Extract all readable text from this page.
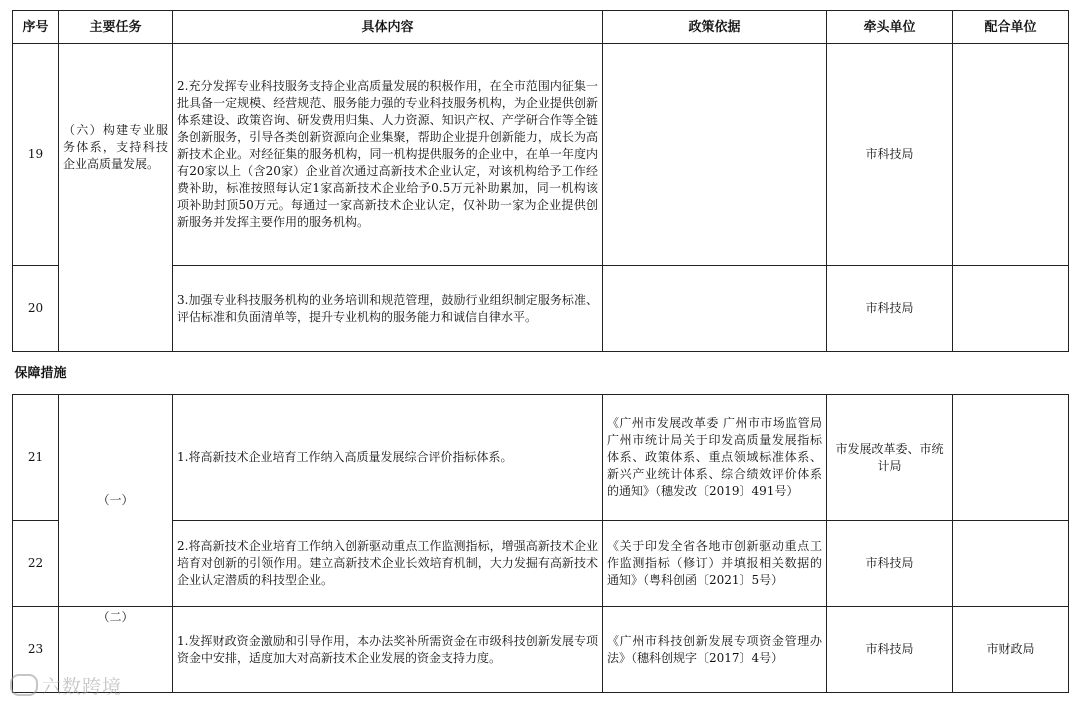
序号	主要任务	具体内容	政策依据	牵头单位	配合单位
19	（六）构建专业服务体系，支持科技企业高质量发展。	2.充分发挥专业科技服务支持企业高质量发展的积极作用，在全市范围内征集一批具备一定规模、经营规范、服务能力强的专业科技服务机构，为企业提供创新体系建设、政策咨询、研发费用归集、人力资源、知识产权、产学研合作等全链条创新服务，引导各类创新资源向企业集聚，帮助企业提升创新能力，成长为高新技术企业。对经征集的服务机构，同一机构提供服务的企业中，在单一年度内有20家以上（含20家）企业首次通过高新技术企业认定，对该机构给予工作经费补助，标准按照每认定1家高新技术企业给予0.5万元补助累加，同一机构该项补助封顶50万元。每通过一家高新技术企业认定，仅补助一家为企业提供创新服务并发挥主要作用的服务机构。		市科技局	
20		3.加强专业科技服务机构的业务培训和规范管理，鼓励行业组织制定服务标准、评估标准和负面清单等，提升专业机构的服务能力和诚信自律水平。		市科技局	
保障措施					
21	（一）	1.将高新技术企业培育工作纳入高质量发展综合评价指标体系。	《广州市发展改革委 广州市市场监管局 广州市统计局关于印发高质量发展指标体系、政策体系、重点领域标准体系、新兴产业统计体系、综合绩效评价体系的通知》（穗发改〔2019〕491号）	市发展改革委、市统计局	
22		2.将高新技术企业培育工作纳入创新驱动重点工作监测指标，增强高新技术企业培育对创新的引领作用。建立高新技术企业长效培育机制，大力发掘有高新技术企业认定潜质的科技型企业。	《关于印发全省各地市创新驱动重点工作监测指标（修订）并填报相关数据的通知》（粤科创函〔2021〕5号）	市科技局	
23	（二）	1.发挥财政资金激励和引导作用，本办法奖补所需资金在市级科技创新发展专项资金中安排，适度加大对高新技术企业发展的资金支持力度。	《广州市科技创新发展专项资金管理办法》（穗科创规字〔2017〕4号）	市科技局	市财政局
六数跨境
